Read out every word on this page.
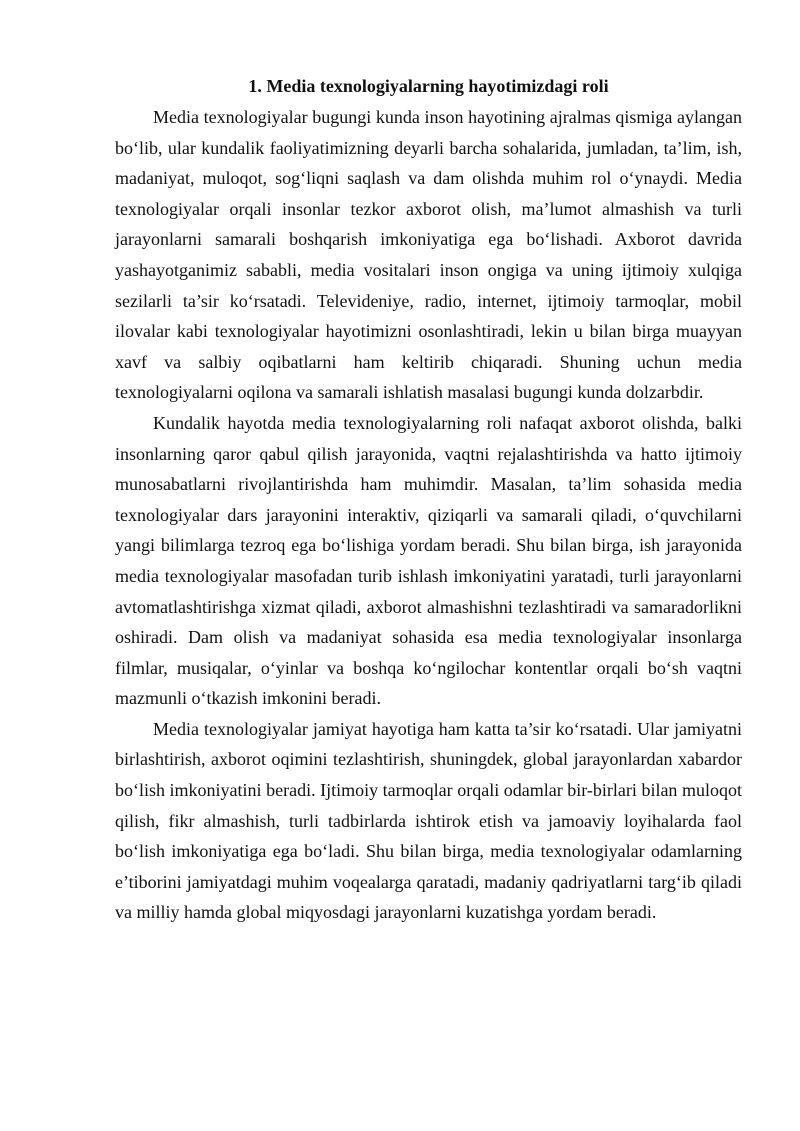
1. Media texnologiyalarning hayotimizdagi roli

Media texnologiyalar bugungi kunda inson hayotining ajralmas qismiga aylangan bo‘lib, ular kundalik faoliyatimizning deyarli barcha sohalarida, jumladan, ta’lim, ish, madaniyat, muloqot, sog‘liqni saqlash va dam olishda muhim rol o‘ynaydi. Media texnologiyalar orqali insonlar tezkor axborot olish, ma’lumot almashish va turli jarayonlarni samarali boshqarish imkoniyatiga ega bo‘lishadi. Axborot davrida yashayotganimiz sababli, media vositalari inson ongiga va uning ijtimoiy xulqiga sezilarli ta’sir ko‘rsatadi. Televideniye, radio, internet, ijtimoiy tarmoqlar, mobil ilovalar kabi texnologiyalar hayotimizni osonlashtiradi, lekin u bilan birga muayyan xavf va salbiy oqibatlarni ham keltirib chiqaradi. Shuning uchun media texnologiyalarni oqilona va samarali ishlatish masalasi bugungi kunda dolzarbdir.

Kundalik hayotda media texnologiyalarning roli nafaqat axborot olishda, balki insonlarning qaror qabul qilish jarayonida, vaqtni rejalashtirishda va hatto ijtimoiy munosabatlarni rivojlantirishda ham muhimdir. Masalan, ta’lim sohasida media texnologiyalar dars jarayonini interaktiv, qiziqarli va samarali qiladi, o‘quvchilarni yangi bilimlarga tezroq ega bo‘lishiga yordam beradi. Shu bilan birga, ish jarayonida media texnologiyalar masofadan turib ishlash imkoniyatini yaratadi, turli jarayonlarni avtomatlashtirishga xizmat qiladi, axborot almashishni tezlashtiradi va samaradorlikni oshiradi. Dam olish va madaniyat sohasida esa media texnologiyalar insonlarga filmlar, musiqalar, o‘yinlar va boshqa ko‘ngilochar kontentlar orqali bo‘sh vaqtni mazmunli o‘tkazish imkonini beradi.

Media texnologiyalar jamiyat hayotiga ham katta ta’sir ko‘rsatadi. Ular jamiyatni birlashtirish, axborot oqimini tezlashtirish, shuningdek, global jarayonlardan xabardor bo‘lish imkoniyatini beradi. Ijtimoiy tarmoqlar orqali odamlar bir-birlari bilan muloqot qilish, fikr almashish, turli tadbirlarda ishtirok etish va jamoaviy loyihalarda faol bo‘lish imkoniyatiga ega bo‘ladi. Shu bilan birga, media texnologiyalar odamlarning e’tiborini jamiyatdagi muhim voqealarga qaratadi, madaniy qadriyatlarni targ‘ib qiladi va milliy hamda global miqyosdagi jarayonlarni kuzatishga yordam beradi.
